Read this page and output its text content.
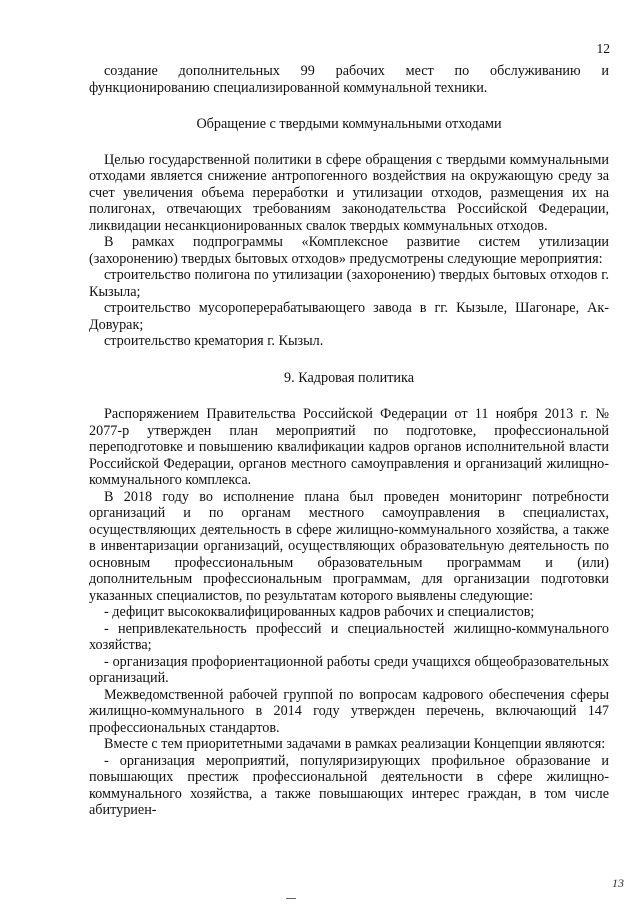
12

создание дополнительных 99 рабочих мест по обслуживанию и функционированию специализированной коммунальной техники.

Обращение с твердыми коммунальными отходами

Целью государственной политики в сфере обращения с твердыми коммунальными отходами является снижение антропогенного воздействия на окружающую среду за счет увеличения объема переработки и утилизации отходов, размещения их на полигонах, отвечающих требованиям законодательства Российской Федерации, ликвидации несанкционированных свалок твердых коммунальных отходов.

В рамках подпрограммы «Комплексное развитие систем утилизации (захоронению) твердых бытовых отходов» предусмотрены следующие мероприятия:

строительство полигона по утилизации (захоронению) твердых бытовых отходов г. Кызыла;

строительство мусороперерабатывающего завода в гг. Кызыле, Шагонаре, Ак-Довурак;

строительство крематория г. Кызыл.

9. Кадровая политика

Распоряжением Правительства Российской Федерации от 11 ноября 2013 г. № 2077-р утвержден план мероприятий по подготовке, профессиональной переподготовке и повышению квалификации кадров органов исполнительной власти Российской Федерации, органов местного самоуправления и организаций жилищно-коммунального комплекса.

В 2018 году во исполнение плана был проведен мониторинг потребности организаций и по органам местного самоуправления в специалистах, осуществляющих деятельность в сфере жилищно-коммунального хозяйства, а также в инвентаризации организаций, осуществляющих образовательную деятельность по основным профессиональным образовательным программам и (или) дополнительным профессиональным программам, для организации подготовки указанных специалистов, по результатам которого выявлены следующие:

- дефицит высококвалифицированных кадров рабочих и специалистов;

- непривлекательность профессий и специальностей жилищно-коммунального хозяйства;

- организация профориентационной работы среди учащихся общеобразовательных организаций.

Межведомственной рабочей группой по вопросам кадрового обеспечения сферы жилищно-коммунального в 2014 году утвержден перечень, включающий 147 профессиональных стандартов.

Вместе с тем приоритетными задачами в рамках реализации Концепции являются:

- организация мероприятий, популяризирующих профильное образование и повышающих престиж профессиональной деятельности в сфере жилищно-коммунального хозяйства, а также повышающих интерес граждан, в том числе абитуриен-

13
